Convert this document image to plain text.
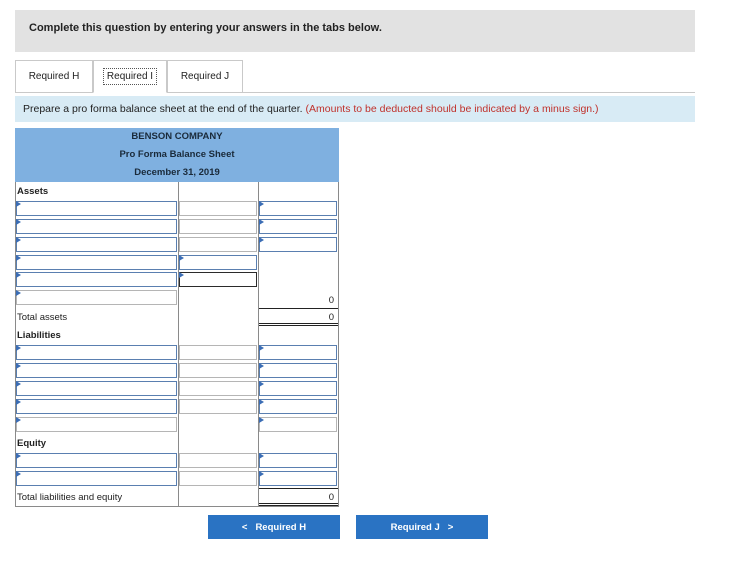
Complete this question by entering your answers in the tabs below.
Required H	Required I	Required J
Prepare a pro forma balance sheet at the end of the quarter. (Amounts to be deducted should be indicated by a minus sign.)
BENSON COMPANY
Pro Forma Balance Sheet
December 31, 2019
Assets
0
Total assets	0
Liabilities
Equity
Total liabilities and equity	0
< Required H	Required J >
